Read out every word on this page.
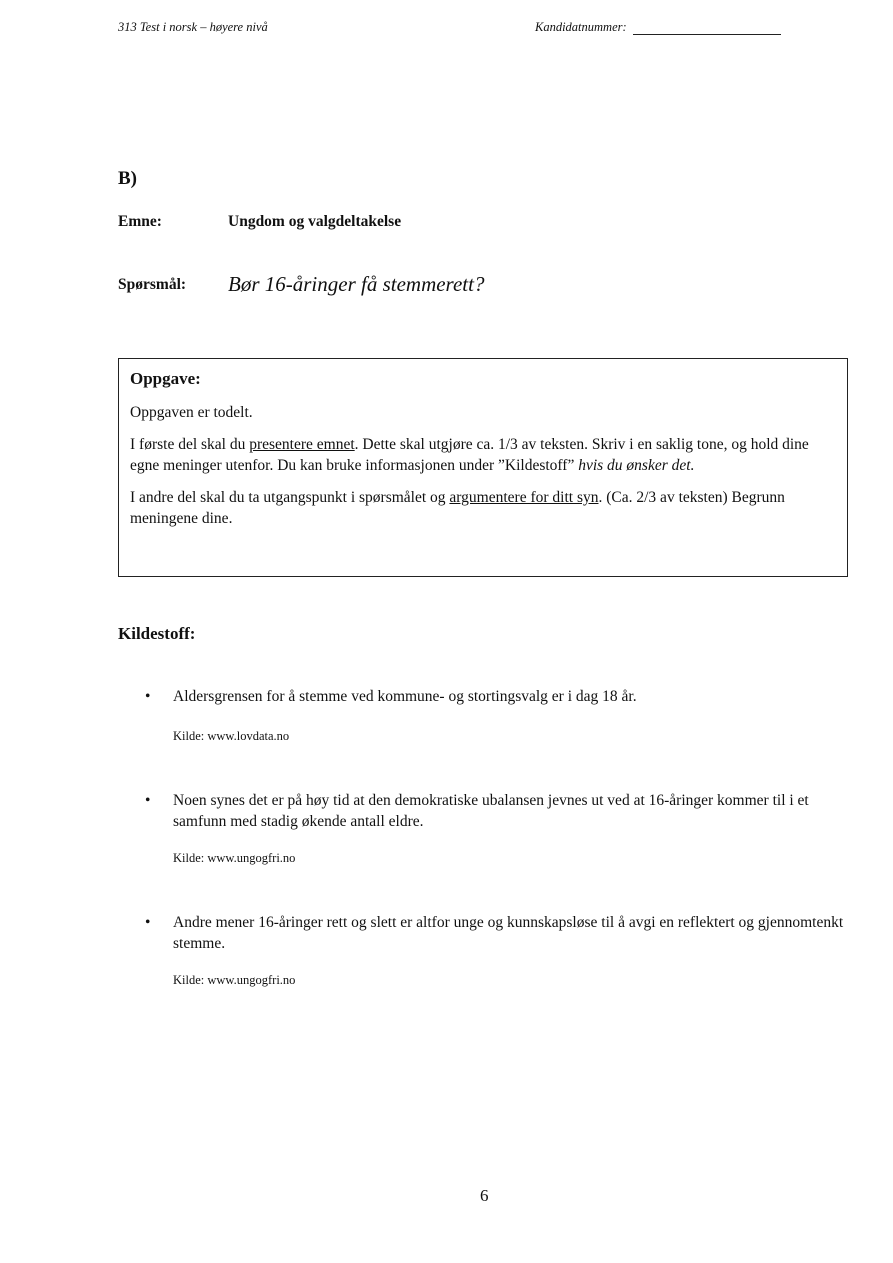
313 Test i norsk – høyere nivå	Kandidatnummer:
B)
Emne:	Ungdom og valgdeltakelse
Spørsmål: Bør 16-åringer få stemmerett?
Oppgave:

Oppgaven er todelt.

I første del skal du presentere emnet. Dette skal utgjøre ca. 1/3 av teksten. Skriv i en saklig tone, og hold dine egne meninger utenfor. Du kan bruke informasjonen under ”Kildestoff” hvis du ønsker det.

I andre del skal du ta utgangspunkt i spørsmålet og argumentere for ditt syn. (Ca. 2/3 av teksten) Begrunn meningene dine.

Kildestoff:
•	Aldersgrensen for å stemme ved kommune- og stortingsvalg er i dag 18 år.
Kilde: www.lovdata.no
•	Noen synes det er på høy tid at den demokratiske ubalansen jevnes ut ved at 16-åringer kommer til i et samfunn med stadig økende antall eldre.
Kilde: www.ungogfri.no
•	Andre mener 16-åringer rett og slett er altfor unge og kunnskapsløse til å avgi en reflektert og gjennomtenkt stemme.
Kilde: www.ungogfri.no
6
